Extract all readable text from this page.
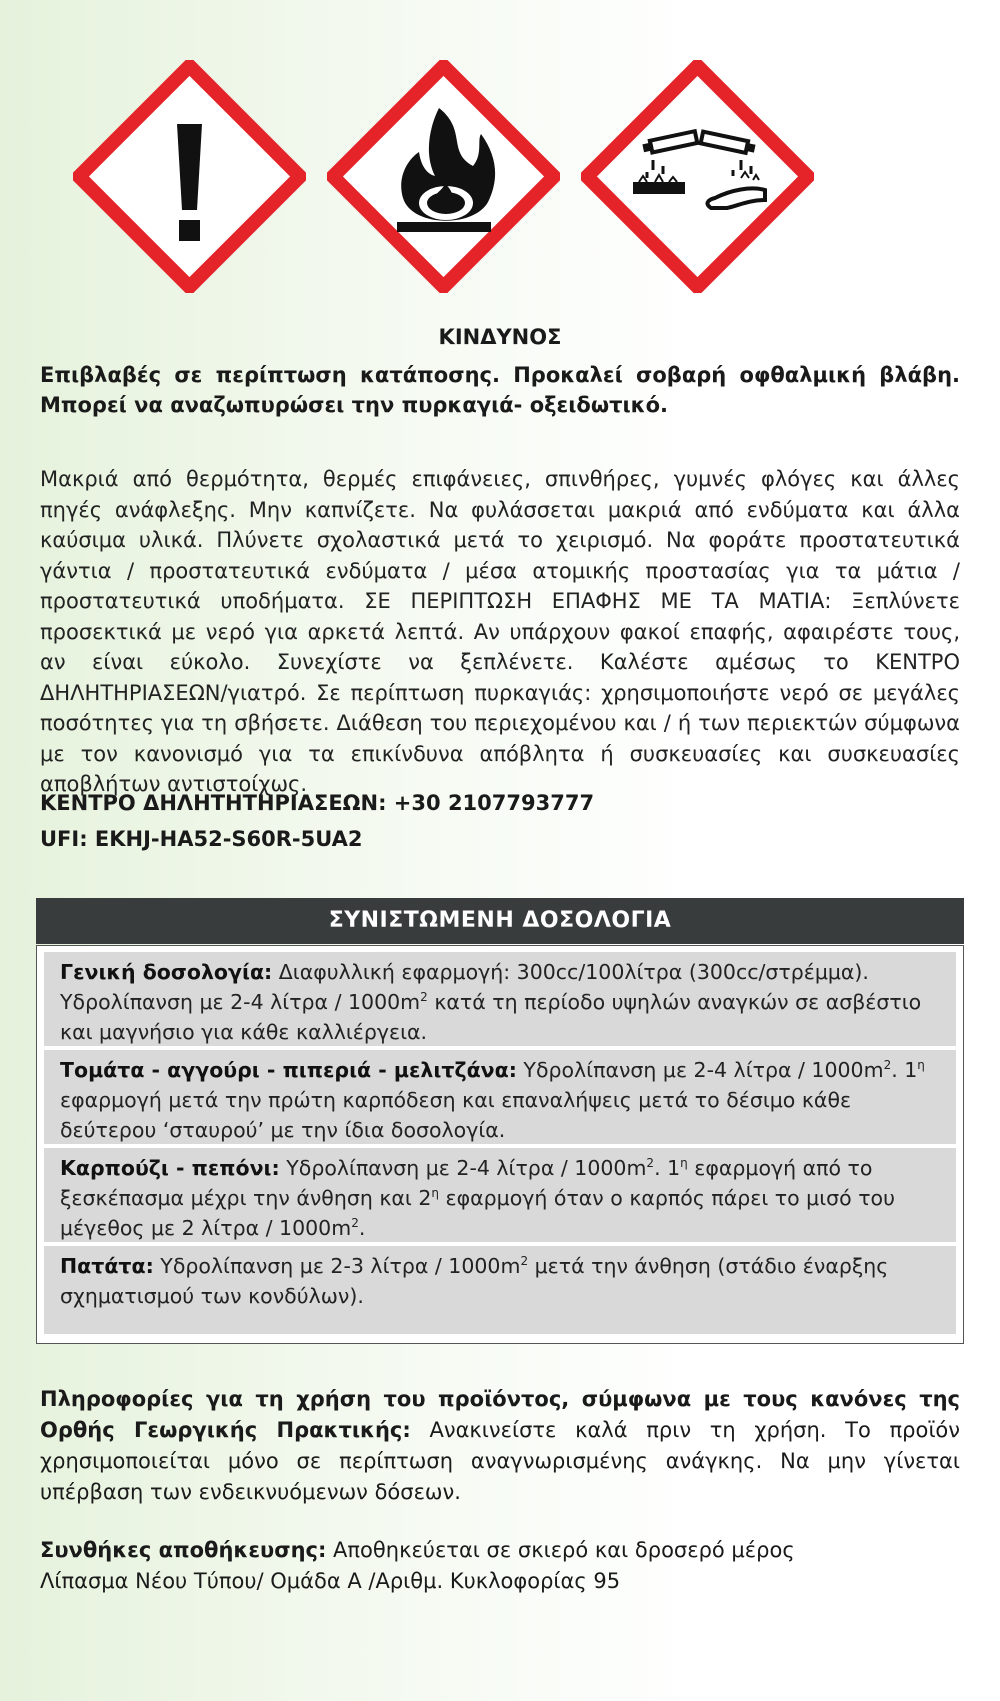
ΚΙΝΔΥΝΟΣ
Επιβλαβές σε περίπτωση κατάποσης. Προκαλεί σοβαρή οφθαλμική βλάβη. Μπορεί να αναζωπυρώσει την πυρκαγιά- οξειδωτικό.
Μακριά από θερμότητα, θερμές επιφάνειες, σπινθήρες, γυμνές φλόγες και άλλες πηγές ανάφλεξης. Μην καπνίζετε. Να φυλάσσεται μακριά από ενδύματα και άλλα καύσιμα υλικά. Πλύνετε σχολαστικά μετά το χειρισμό. Να φοράτε προστατευτικά γάντια / προστατευτικά ενδύματα / μέσα ατομικής προστασίας για τα μάτια / προστατευτικά υποδήματα. ΣΕ ΠΕΡΙΠΤΩΣΗ ΕΠΑΦΗΣ ΜΕ ΤΑ ΜΑΤΙΑ: Ξεπλύνετε προσεκτικά με νερό για αρκετά λεπτά. Αν υπάρχουν φακοί επαφής, αφαιρέστε τους, αν είναι εύκολο. Συνεχίστε να ξεπλένετε. Καλέστε αμέσως το ΚΕΝΤΡΟ ΔΗΛΗΤΗΡΙΑΣΕΩΝ/γιατρό. Σε περίπτωση πυρκαγιάς: χρησιμοποιήστε νερό σε μεγάλες ποσότητες για τη σβήσετε. Διάθεση του περιεχομένου και / ή των περιεκτών σύμφωνα με τον κανονισμό για τα επικίνδυνα απόβλητα ή συσκευασίες και συσκευασίες αποβλήτων αντιστοίχως.
ΚΕΝΤΡΟ ΔΗΛΗΤΗΤΗΡΙΑΣΕΩΝ: +30 2107793777
UFI: EKHJ-HA52-S60R-5UA2
ΣΥΝΙΣΤΩΜΕΝΗ ΔΟΣΟΛΟΓΙΑ
Γενική δοσολογία: Διαφυλλική εφαρμογή: 300cc/100λίτρα (300cc/στρέμμα). Υδρολίπανση με 2-4 λίτρα / $1000m^2$ κατά τη περίοδο υψηλών αναγκών σε ασβέστιο και μαγνήσιο για κάθε καλλιέργεια.
Τομάτα - αγγούρι - πιπεριά - μελιτζάνα: Υδρολίπανση με 2-4 λίτρα / $1000m^2$. $1^\eta$ εφαρμογή μετά την πρώτη καρπόδεση και επαναλήψεις μετά το δέσιμο κάθε δεύτερου ‘σταυρού’ με την ίδια δοσολογία.
Καρπούζι - πεπόνι: Υδρολίπανση με 2-4 λίτρα / $1000m^2$. $1^\eta$ εφαρμογή από το ξεσκέπασμα μέχρι την άνθηση και $2^\eta$ εφαρμογή όταν ο καρπός πάρει το μισό του μέγεθος με 2 λίτρα / $1000m^2$.
Πατάτα: Υδρολίπανση με 2-3 λίτρα / $1000m^2$ μετά την άνθηση (στάδιο έναρξης σχηματισμού των κονδύλων).
Πληροφορίες για τη χρήση του προϊόντος, σύμφωνα με τους κανόνες της Ορθής Γεωργικής Πρακτικής: Ανακινείστε καλά πριν τη χρήση. Το προϊόν χρησιμοποιείται μόνο σε περίπτωση αναγνωρισμένης ανάγκης. Να μην γίνεται υπέρβαση των ενδεικνυόμενων δόσεων.
Συνθήκες αποθήκευσης: Αποθηκεύεται σε σκιερό και δροσερό μέρος
Λίπασμα Νέου Τύπου/ Ομάδα Α /Αριθμ. Κυκλοφορίας 95
